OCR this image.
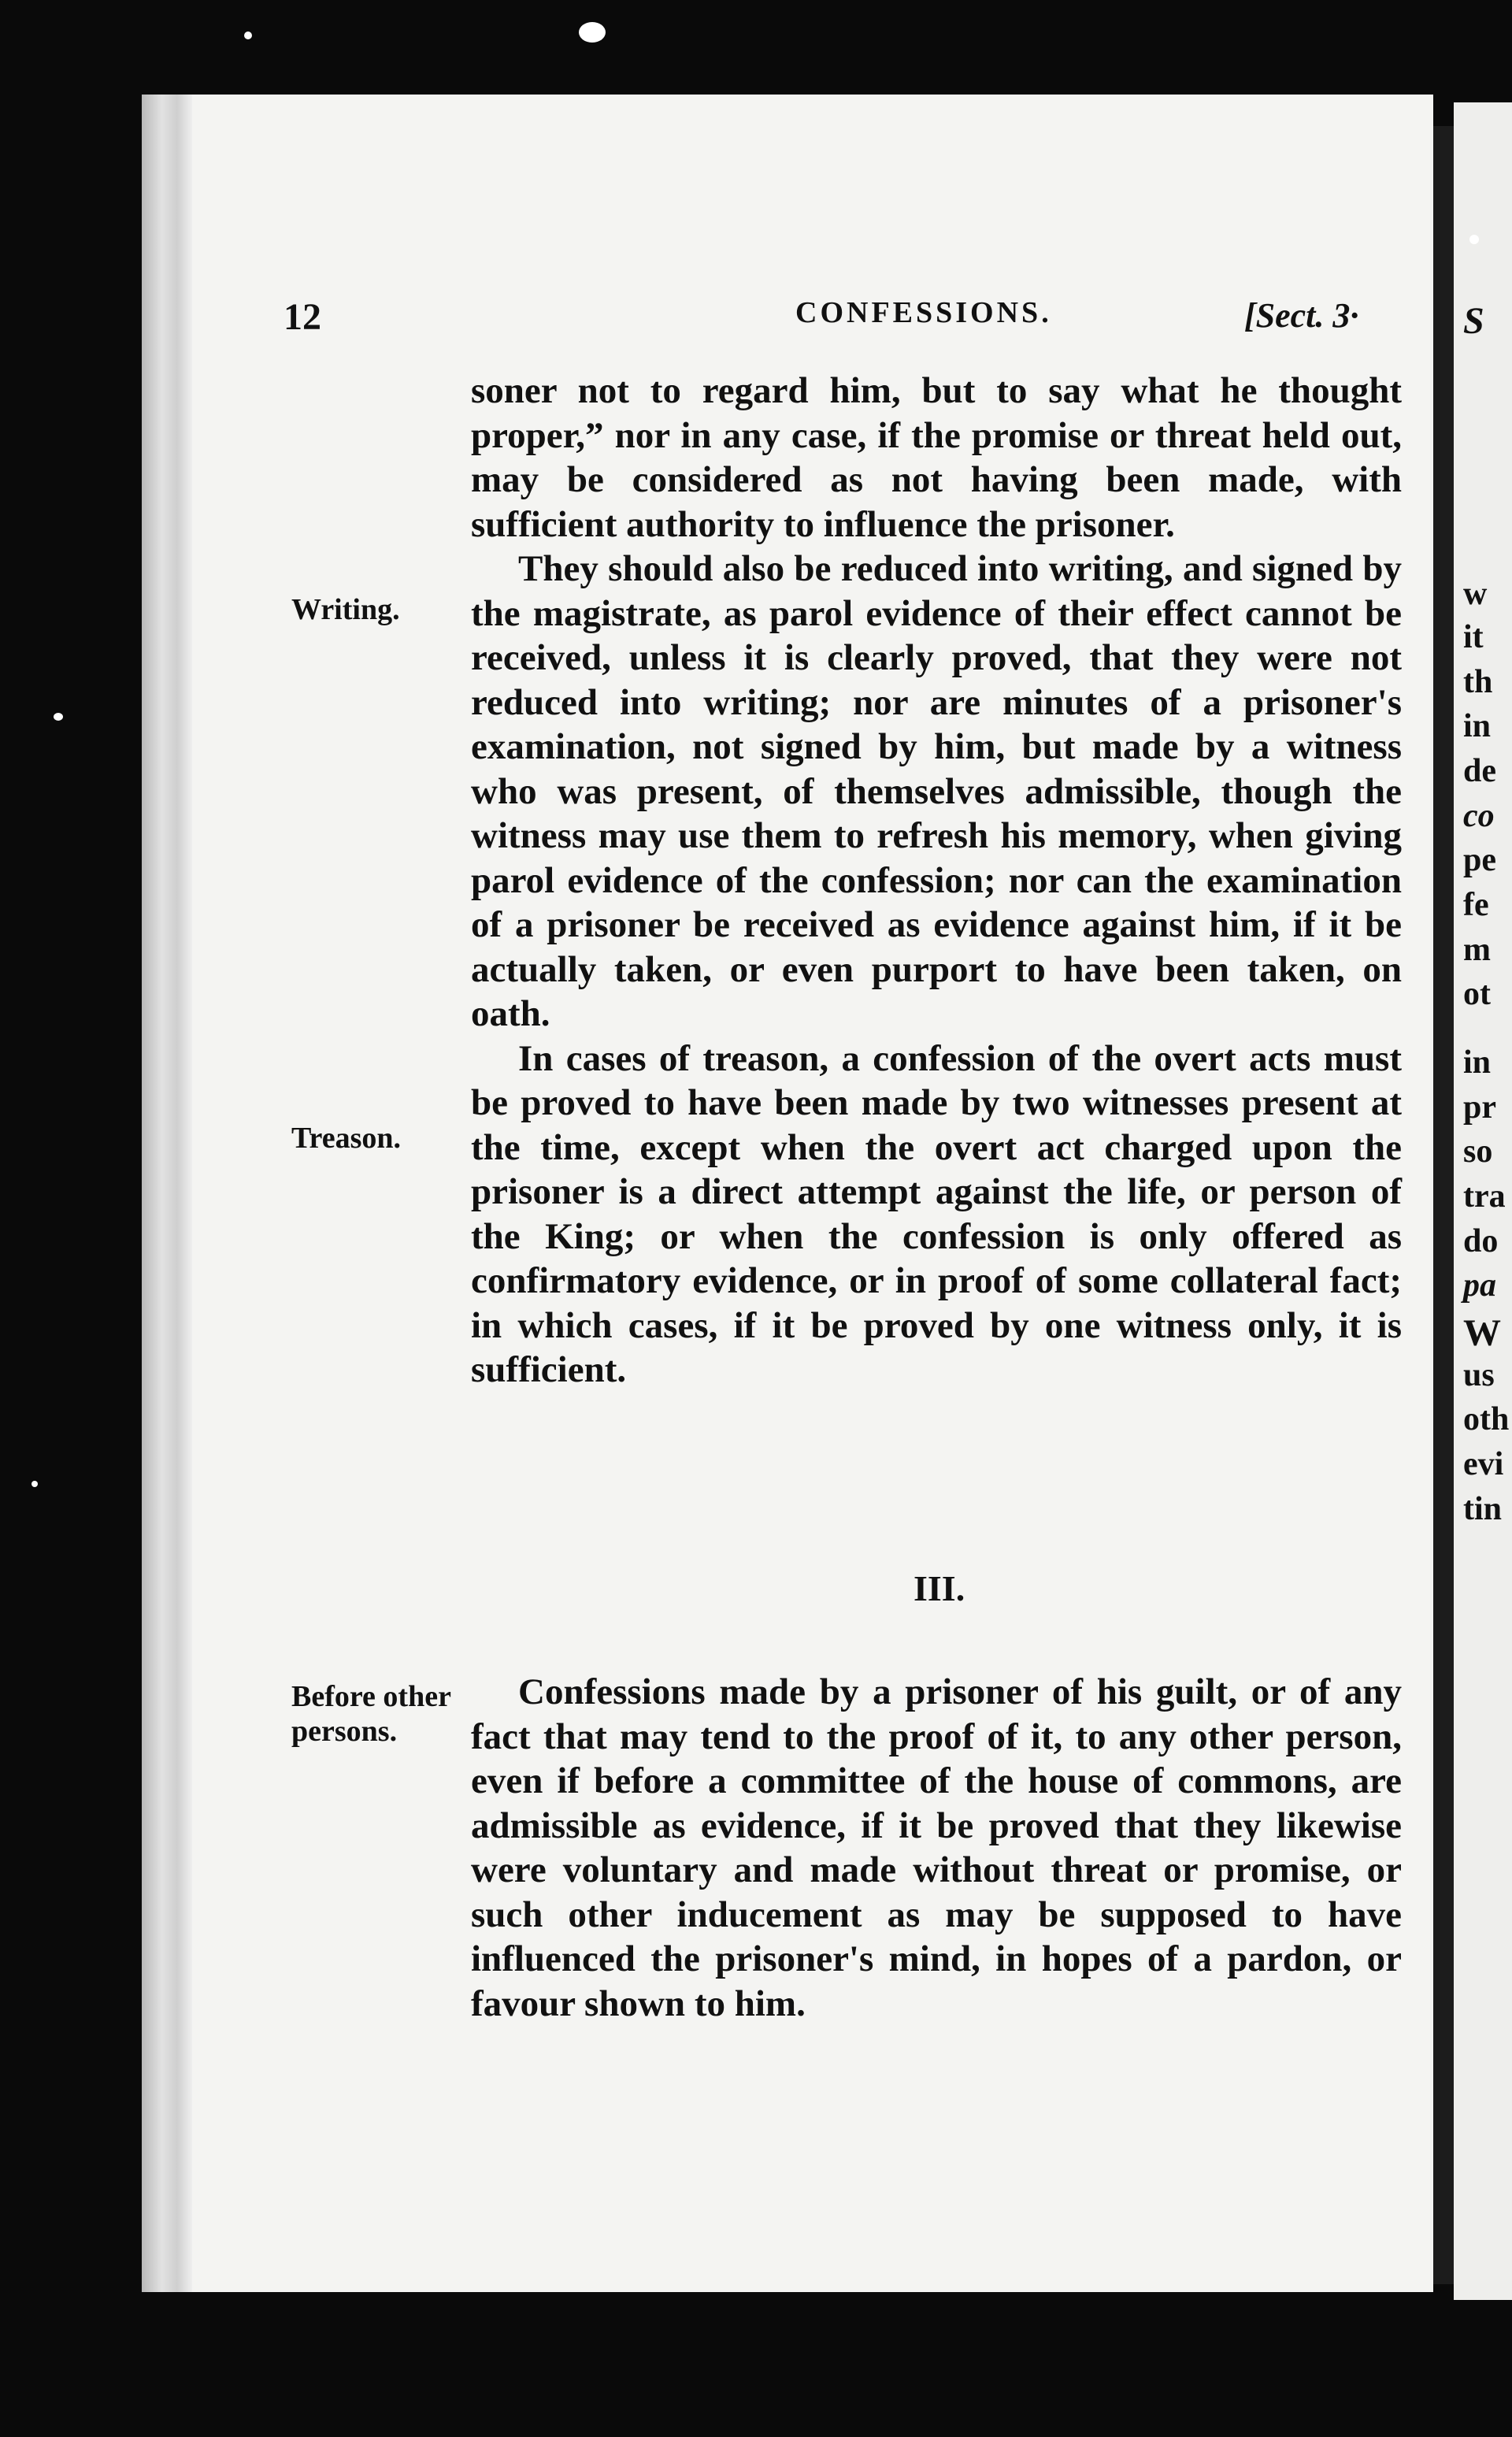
S
w
it
th
in
de
co
pe
fe
m
ot
in
pr
so
tra
do
pa
W
us
oth
evi
tin
12	CONFESSIONS.	[Sect. 3·
Writing.
Treason.
Before other persons.

soner not to regard him, but to say what he thought proper,” nor in any case, if the promise or threat held out, may be considered as not having been made, with sufficient authority to influence the prisoner.

They should also be reduced into writing, and signed by the magistrate, as parol evidence of their effect cannot be received, unless it is clearly proved, that they were not reduced into writing; nor are minutes of a prisoner's examination, not signed by him, but made by a witness who was present, of themselves admissible, though the witness may use them to refresh his memory, when giving parol evidence of the confession; nor can the examination of a prisoner be received as evidence against him, if it be actually taken, or even purport to have been taken, on oath.

In cases of treason, a confession of the overt acts must be proved to have been made by two witnesses present at the time, except when the overt act charged upon the prisoner is a direct attempt against the life, or person of the King; or when the confession is only offered as confirmatory evidence, or in proof of some collateral fact; in which cases, if it be proved by one witness only, it is sufficient.

III.

Confessions made by a prisoner of his guilt, or of any fact that may tend to the proof of it, to any other person, even if before a committee of the house of commons, are admissible as evidence, if it be proved that they likewise were voluntary and made without threat or promise, or such other inducement as may be supposed to have influenced the prisoner's mind, in hopes of a pardon, or favour shown to him.
